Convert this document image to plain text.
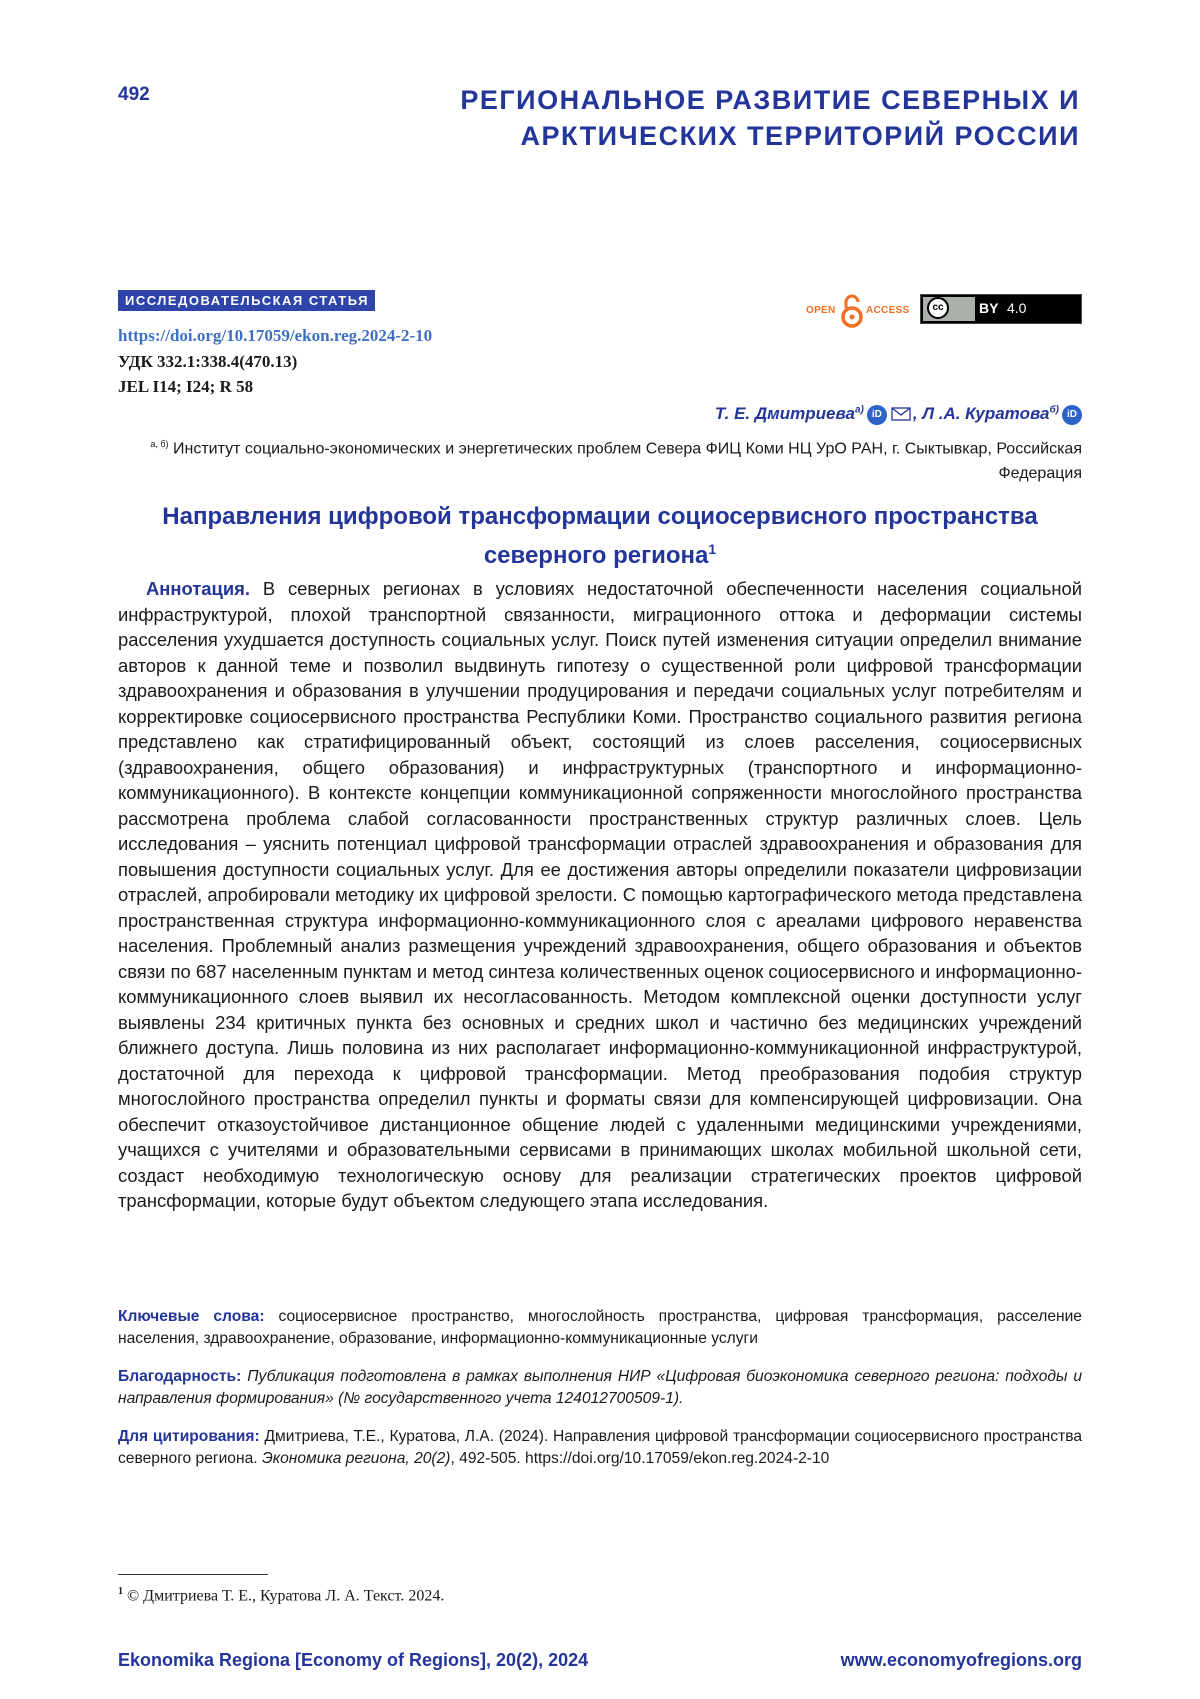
492	РЕГИОНАЛЬНОЕ РАЗВИТИЕ СЕВЕРНЫХ И АРКТИЧЕСКИХ ТЕРРИТОРИЙ РОССИИ
ИССЛЕДОВАТЕЛЬСКАЯ СТАТЬЯ
https://doi.org/10.17059/ekon.reg.2024-2-10
УДК 332.1:338.4(470.13)
JEL I14; I24; R 58
OPEN	ACCESS	cc	BY 4.0
Т. Е. Дмитриева$^{а)}$ iD , Л .А. Куратова$^{б)}$ iD
$^{а, б)}$ Институт социально-экономических и энергетических проблем Севера ФИЦ Коми НЦ УрО РАН, г. Сыктывкар, Российская Федерация
Направления цифровой трансформации социосервисного пространства северного региона$^1$
Аннотация. В северных регионах в условиях недостаточной обеспеченности населения социальной инфраструктурой, плохой транспортной связанности, миграционного оттока и деформации системы расселения ухудшается доступность социальных услуг. Поиск путей изменения ситуации определил внимание авторов к данной теме и позволил выдвинуть гипотезу о существенной роли цифровой трансформации здравоохранения и образования в улучшении продуцирования и передачи социальных услуг потребителям и корректировке социосервисного пространства Республики Коми. Пространство социального развития региона представлено как стратифицированный объект, состоящий из слоев расселения, социосервисных (здравоохранения, общего образования) и инфраструктурных (транспортного и информационно-коммуникационного). В контексте концепции коммуникационной сопряженности многослойного пространства рассмотрена проблема слабой согласованности пространственных структур различных слоев. Цель исследования – уяснить потенциал цифровой трансформации отраслей здравоохранения и образования для повышения доступности социальных услуг. Для ее достижения авторы определили показатели цифровизации отраслей, апробировали методику их цифровой зрелости. С помощью картографического метода представлена пространственная структура информационно-коммуникационного слоя с ареалами цифрового неравенства населения. Проблемный анализ размещения учреждений здравоохранения, общего образования и объектов связи по 687 населенным пунктам и метод синтеза количественных оценок социосервисного и информационно-коммуникационного слоев выявил их несогласованность. Методом комплексной оценки доступности услуг выявлены 234 критичных пункта без основных и средних школ и частично без медицинских учреждений ближнего доступа. Лишь половина из них располагает информационно-коммуникационной инфраструктурой, достаточной для перехода к цифровой трансформации. Метод преобразования подобия структур многослойного пространства определил пункты и форматы связи для компенсирующей цифровизации. Она обеспечит отказоустойчивое дистанционное общение людей с удаленными медицинскими учреждениями, учащихся с учителями и образовательными сервисами в принимающих школах мобильной школьной сети, создаст необходимую технологическую основу для реализации стратегических проектов цифровой трансформации, которые будут объектом следующего этапа исследования.
Ключевые слова: социосервисное пространство, многослойность пространства, цифровая трансформация, расселение населения, здравоохранение, образование, информационно-коммуникационные услуги
Благодарность: Публикация подготовлена в рамках выполнения НИР «Цифровая биоэкономика северного региона: подходы и направления формирования» (№ государственного учета 124012700509-1).
Для цитирования: Дмитриева, Т.Е., Куратова, Л.А. (2024). Направления цифровой трансформации социосервисного пространства северного региона. Экономика региона, 20(2), 492-505. https://doi.org/10.17059/ekon.reg.2024-2-10
$^1$ © Дмитриева Т. Е., Куратова Л. А. Текст. 2024.
Ekonomika Regiona [Economy of Regions], 20(2), 2024	www.economyofregions.org
